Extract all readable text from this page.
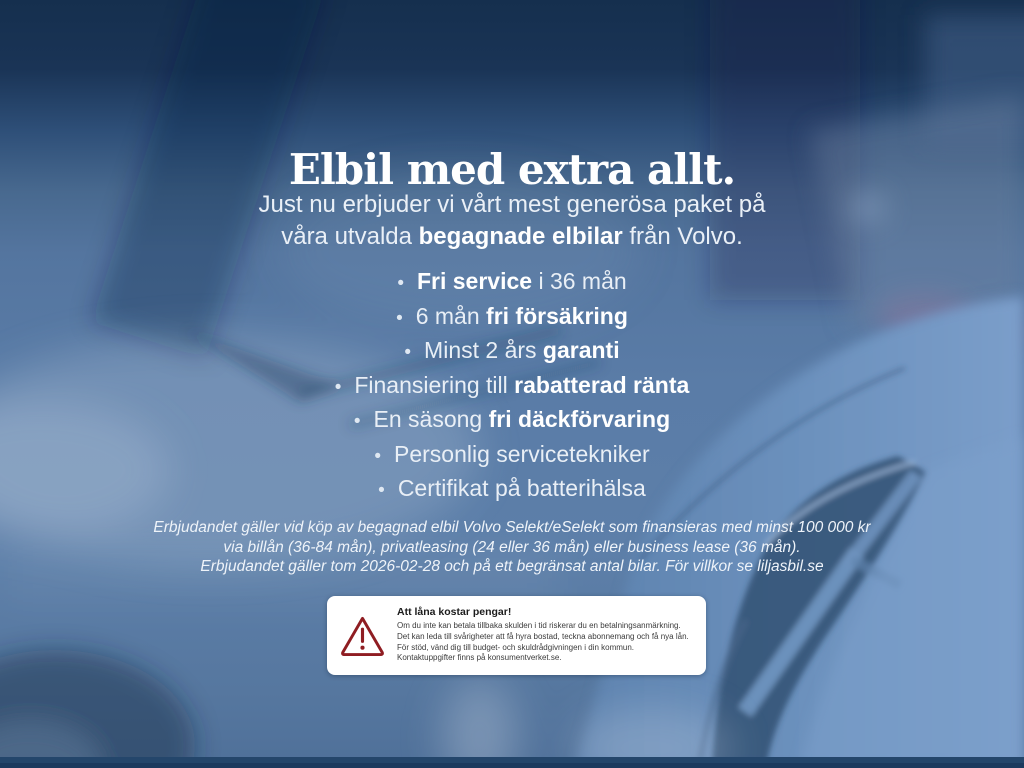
Elbil med extra allt.
Just nu erbjuder vi vårt mest generösa paket på
våra utvalda begagnade elbilar från Volvo.
• Fri service i 36 mån
• 6 mån fri försäkring
• Minst 2 års garanti
• Finansiering till rabatterad ränta
• En säsong fri däckförvaring
• Personlig servicetekniker
• Certifikat på batterihälsa
Erbjudandet gäller vid köp av begagnad elbil Volvo Selekt/eSelekt som finansieras med minst 100 000 kr
via billån (36-84 mån), privatleasing (24 eller 36 mån) eller business lease (36 mån).
Erbjudandet gäller tom 2026-02-28 och på ett begränsat antal bilar. För villkor se liljasbil.se
Att låna kostar pengar!
Om du inte kan betala tillbaka skulden i tid riskerar du en betalningsanmärkning. Det kan leda till svårigheter att få hyra bostad, teckna abonnemang och få nya lån. För stöd, vänd dig till budget- och skuldrådgivningen i din kommun. Kontaktuppgifter finns på konsumentverket.se.
